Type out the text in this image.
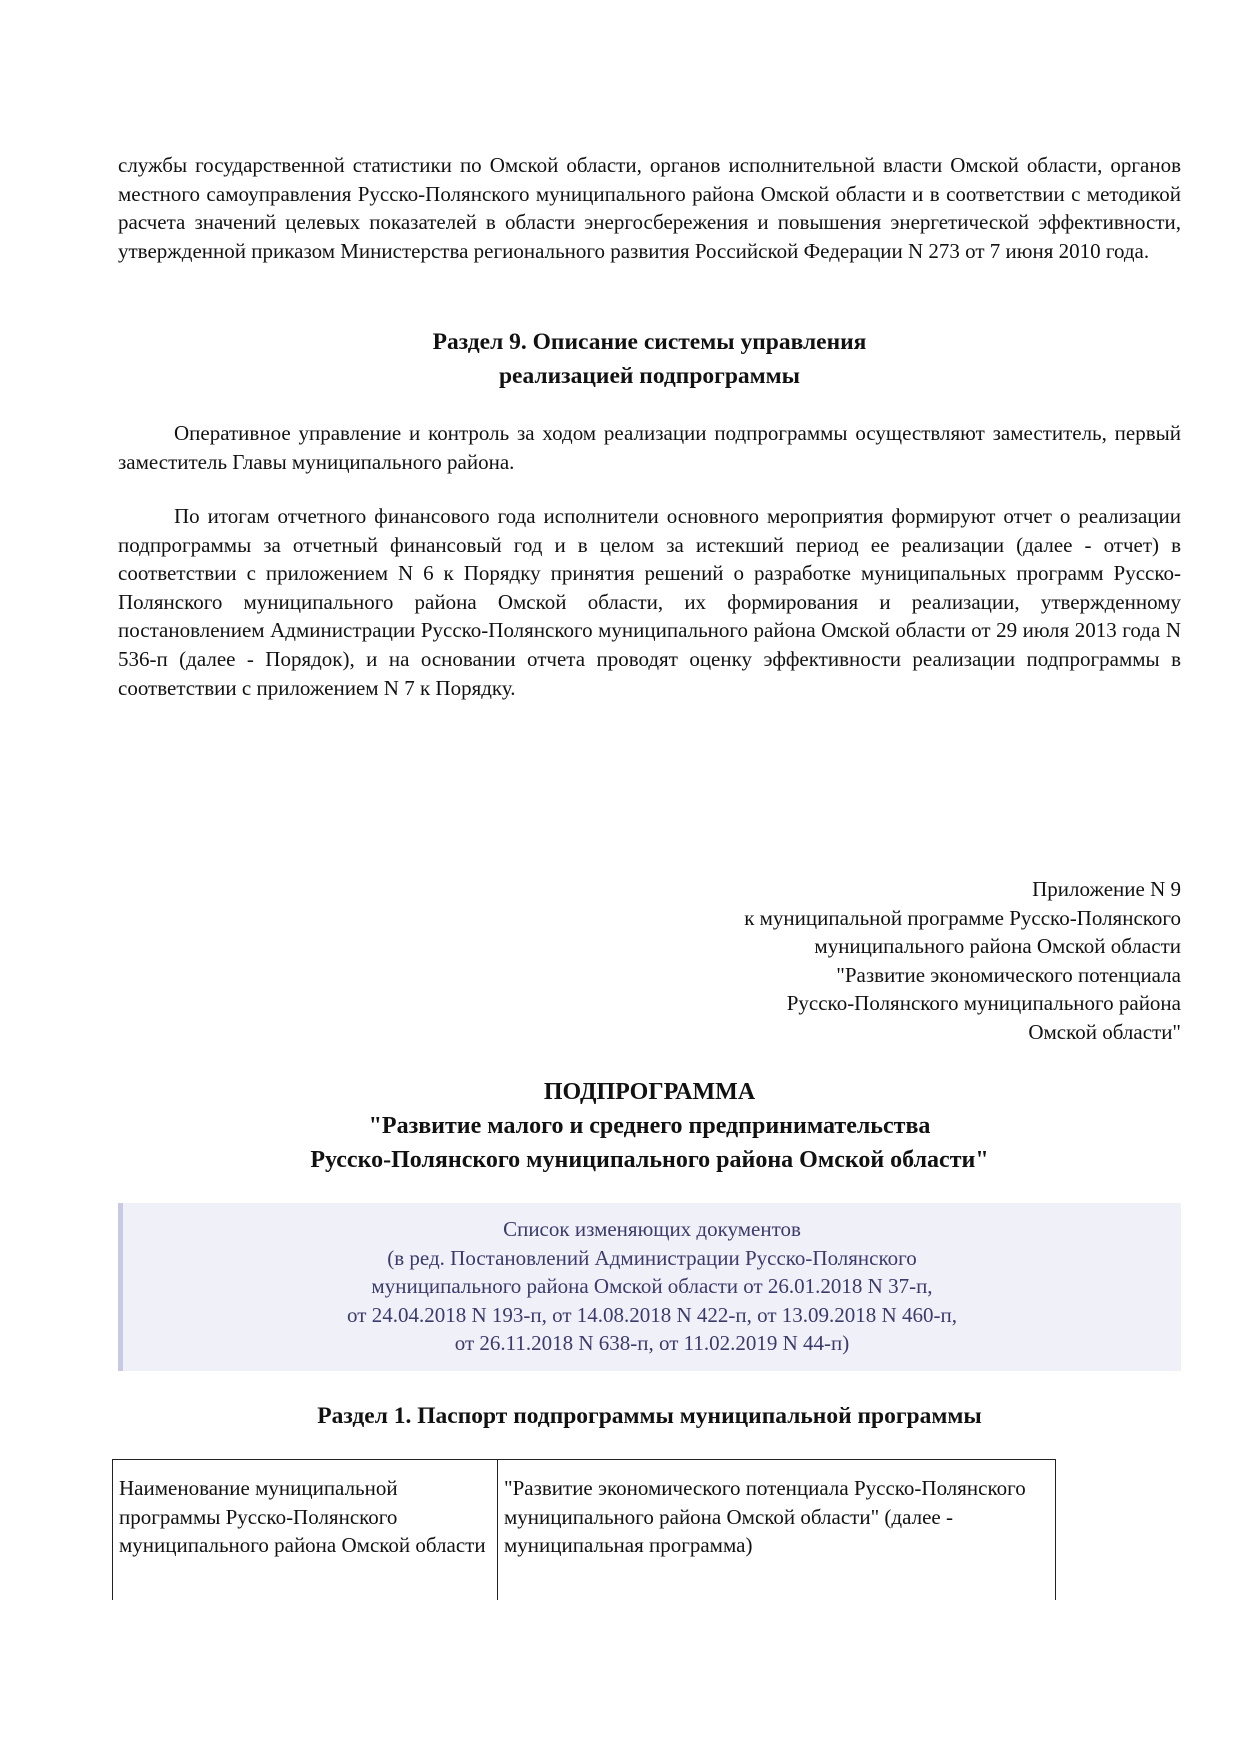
службы государственной статистики по Омской области, органов исполнительной власти Омской области, органов местного самоуправления Русско-Полянского муниципального района Омской области и в соответствии с методикой расчета значений целевых показателей в области энергосбережения и повышения энергетической эффективности, утвержденной приказом Министерства регионального развития Российской Федерации N 273 от 7 июня 2010 года.
Раздел 9. Описание системы управления
реализацией подпрограммы
Оперативное управление и контроль за ходом реализации подпрограммы осуществляют заместитель, первый заместитель Главы муниципального района.
По итогам отчетного финансового года исполнители основного мероприятия формируют отчет о реализации подпрограммы за отчетный финансовый год и в целом за истекший период ее реализации (далее - отчет) в соответствии с приложением N 6 к Порядку принятия решений о разработке муниципальных программ Русско-Полянского муниципального района Омской области, их формирования и реализации, утвержденному постановлением Администрации Русско-Полянского муниципального района Омской области от 29 июля 2013 года N 536-п (далее - Порядок), и на основании отчета проводят оценку эффективности реализации подпрограммы в соответствии с приложением N 7 к Порядку.
Приложение N 9
к муниципальной программе Русско-Полянского
муниципального района Омской области
"Развитие экономического потенциала
Русско-Полянского муниципального района
Омской области"
ПОДПРОГРАММА
"Развитие малого и среднего предпринимательства
Русско-Полянского муниципального района Омской области"
Список изменяющих документов
(в ред. Постановлений Администрации Русско-Полянского
муниципального района Омской области от 26.01.2018 N 37-п,
от 24.04.2018 N 193-п, от 14.08.2018 N 422-п, от 13.09.2018 N 460-п,
от 26.11.2018 N 638-п, от 11.02.2019 N 44-п)
Раздел 1. Паспорт подпрограммы муниципальной программы
Наименование муниципальной программы Русско-Полянского муниципального района Омской области	"Развитие экономического потенциала Русско-Полянского муниципального района Омской области" (далее - муниципальная программа)
